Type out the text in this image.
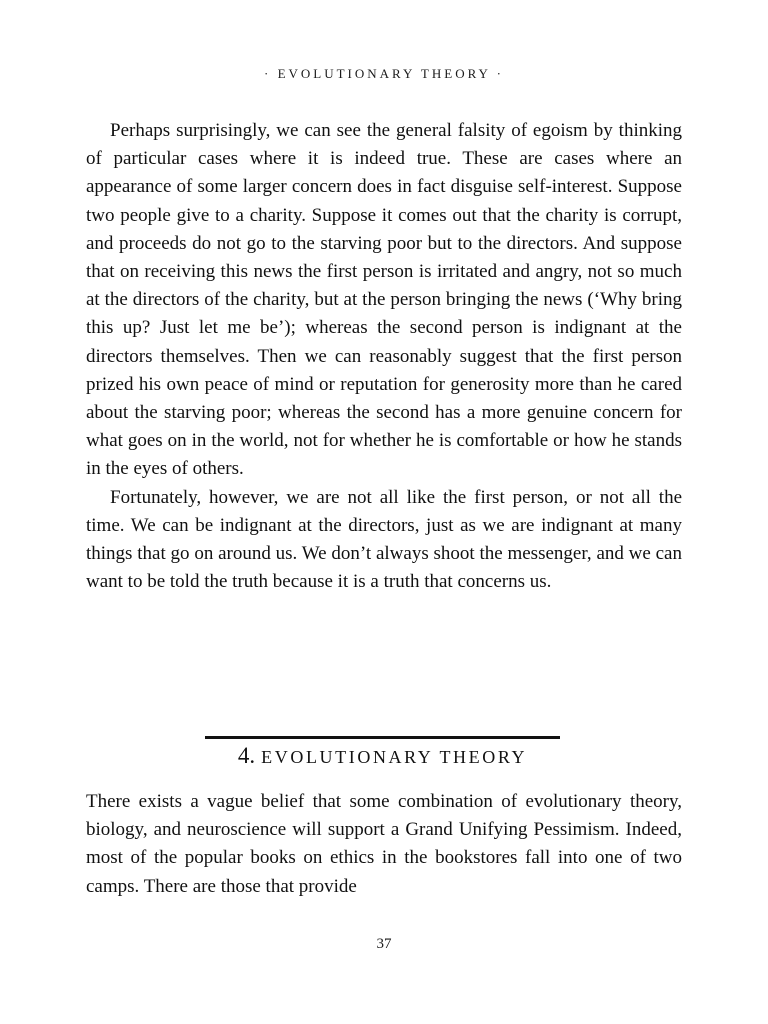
· EVOLUTIONARY THEORY ·

Perhaps surprisingly, we can see the general falsity of egoism by thinking of particular cases where it is indeed true. These are cases where an appearance of some larger concern does in fact disguise self-interest. Suppose two people give to a charity. Suppose it comes out that the charity is corrupt, and proceeds do not go to the starving poor but to the directors. And suppose that on receiving this news the first person is irritated and angry, not so much at the directors of the charity, but at the person bringing the news (‘Why bring this up? Just let me be’); whereas the second person is indignant at the directors themselves. Then we can reasonably suggest that the first person prized his own peace of mind or reputation for generosity more than he cared about the starving poor; whereas the second has a more genuine concern for what goes on in the world, not for whether he is comfortable or how he stands in the eyes of others.

Fortunately, however, we are not all like the first person, or not all the time. We can be indignant at the directors, just as we are indignant at many things that go on around us. We don’t always shoot the messenger, and we can want to be told the truth because it is a truth that concerns us.

4. EVOLUTIONARY THEORY

There exists a vague belief that some combination of evolutionary theory, biology, and neuroscience will support a Grand Unifying Pessimism. Indeed, most of the popular books on ethics in the bookstores fall into one of two camps. There are those that provide

37
